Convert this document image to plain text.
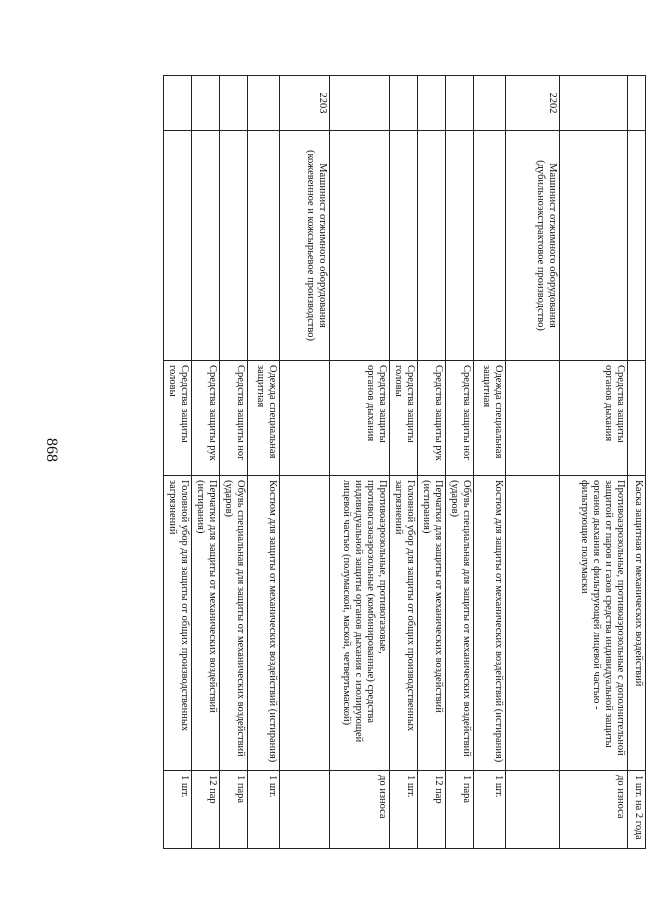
868
			Каска защитная от механических воздействий	1 шт. на 2 года
		Средства защиты органов дыхания	Противоаэрозольные, противоаэрозольные с дополнительной защитой от паров и газов средства индивидуальной защиты органов дыхания с фильтрующей лицевой частью - фильтрующие полумаски	до износа
2202	Машинист отжимного оборудования (дубильноэкстрактовое производство)			
		Одежда специальная защитная	Костюм для защиты от механических воздействий (истирания)	1 шт.
		Средства защиты ног	Обувь специальная для защиты от механических воздействий (ударов)	1 пара
		Средства защиты рук	Перчатки для защиты от механических воздействий (истирания)	12 пар
		Средства защиты головы	Головной убор для защиты от общих производственных загрязнений	1 шт.
		Средства защиты органов дыхания	Противоаэрозольные, противогазовые, противогазоаэрозольные (комбинированные) средства индивидуальной защиты органов дыхания с изолирующей лицевой частью (полумаской, маской, четвертьмаской)	до износа
2203	Машинист отжимного оборудования (кожевенное и кожсырьевое производство)			
		Одежда специальная защитная	Костюм для защиты от механических воздействий (истирания)	1 шт.
		Средства защиты ног	Обувь специальная для защиты от механических воздействий (ударов)	1 пара
		Средства защиты рук	Перчатки для защиты от механических воздействий (истирания)	12 пар
		Средства защиты головы	Головной убор для защиты от общих производственных загрязнений	1 шт.
